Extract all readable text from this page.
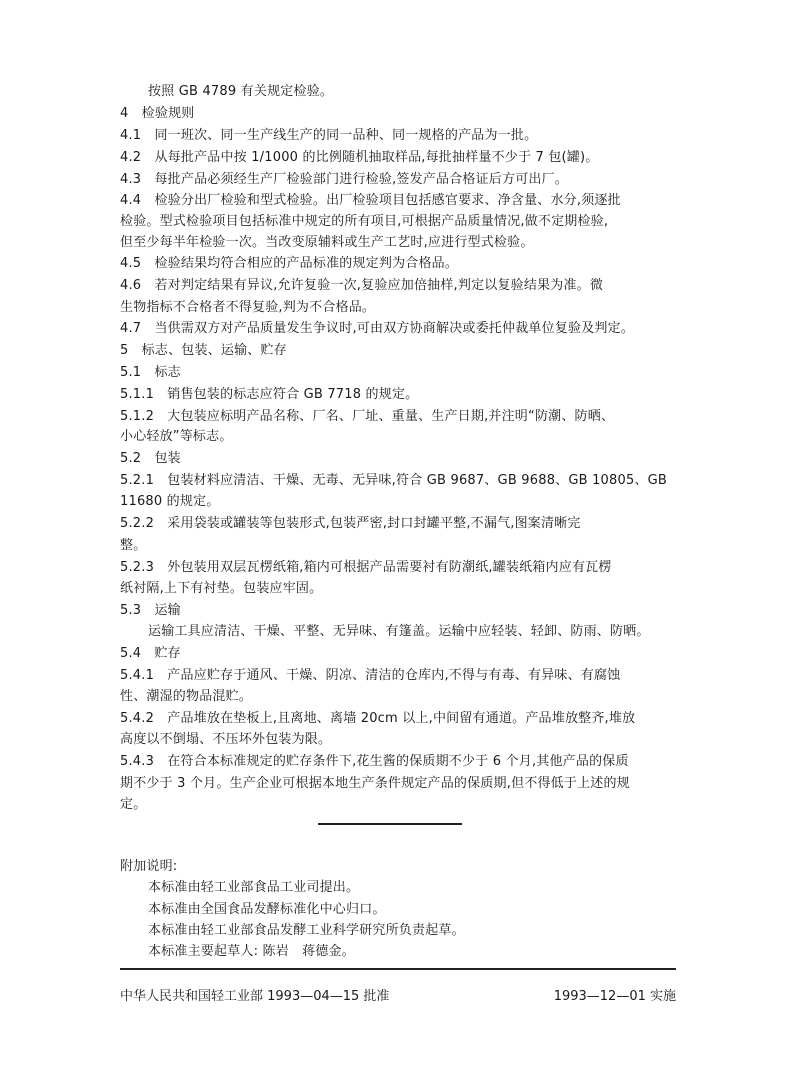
按照 GB 4789 有关规定检验。
4　检验规则
4.1　同一班次、同一生产线生产的同一品种、同一规格的产品为一批。
4.2　从每批产品中按 1/1000 的比例随机抽取样品,每批抽样量不少于 7 包(罐)。
4.3　每批产品必须经生产厂检验部门进行检验,签发产品合格证后方可出厂。
4.4　检验分出厂检验和型式检验。出厂检验项目包括感官要求、净含量、水分,须逐批
检验。型式检验项目包括标准中规定的所有项目,可根据产品质量情况,做不定期检验,
但至少每半年检验一次。当改变原辅料或生产工艺时,应进行型式检验。
4.5　检验结果均符合相应的产品标准的规定判为合格品。
4.6　若对判定结果有异议,允许复验一次,复验应加倍抽样,判定以复验结果为准。微
生物指标不合格者不得复验,判为不合格品。
4.7　当供需双方对产品质量发生争议时,可由双方协商解决或委托仲裁单位复验及判定。
5　标志、包装、运输、贮存
5.1　标志
5.1.1　销售包装的标志应符合 GB 7718 的规定。
5.1.2　大包装应标明产品名称、厂名、厂址、重量、生产日期,并注明“防潮、防晒、
小心轻放”等标志。
5.2　包装
5.2.1　包装材料应清洁、干燥、无毒、无异味,符合 GB 9687、GB 9688、GB 10805、GB
11680 的规定。
5.2.2　采用袋装或罐装等包装形式,包装严密,封口封罐平整,不漏气,图案清晰完
整。
5.2.3　外包装用双层瓦楞纸箱,箱内可根据产品需要衬有防潮纸,罐装纸箱内应有瓦楞
纸衬隔,上下有衬垫。包装应牢固。
5.3　运输
运输工具应清洁、干燥、平整、无异味、有篷盖。运输中应轻装、轻卸、防雨、防晒。
5.4　贮存
5.4.1　产品应贮存于通风、干燥、阴凉、清洁的仓库内,不得与有毒、有异味、有腐蚀
性、潮湿的物品混贮。
5.4.2　产品堆放在垫板上,且离地、离墙 20cm 以上,中间留有通道。产品堆放整齐,堆放
高度以不倒塌、不压坏外包装为限。
5.4.3　在符合本标准规定的贮存条件下,花生酱的保质期不少于 6 个月,其他产品的保质
期不少于 3 个月。生产企业可根据本地生产条件规定产品的保质期,但不得低于上述的规
定。
附加说明:
本标准由轻工业部食品工业司提出。
本标准由全国食品发酵标准化中心归口。
本标准由轻工业部食品发酵工业科学研究所负责起草。
本标准主要起草人: 陈岩　蒋德金。
中华人民共和国轻工业部 1993—04—15 批准	1993—12—01 实施
